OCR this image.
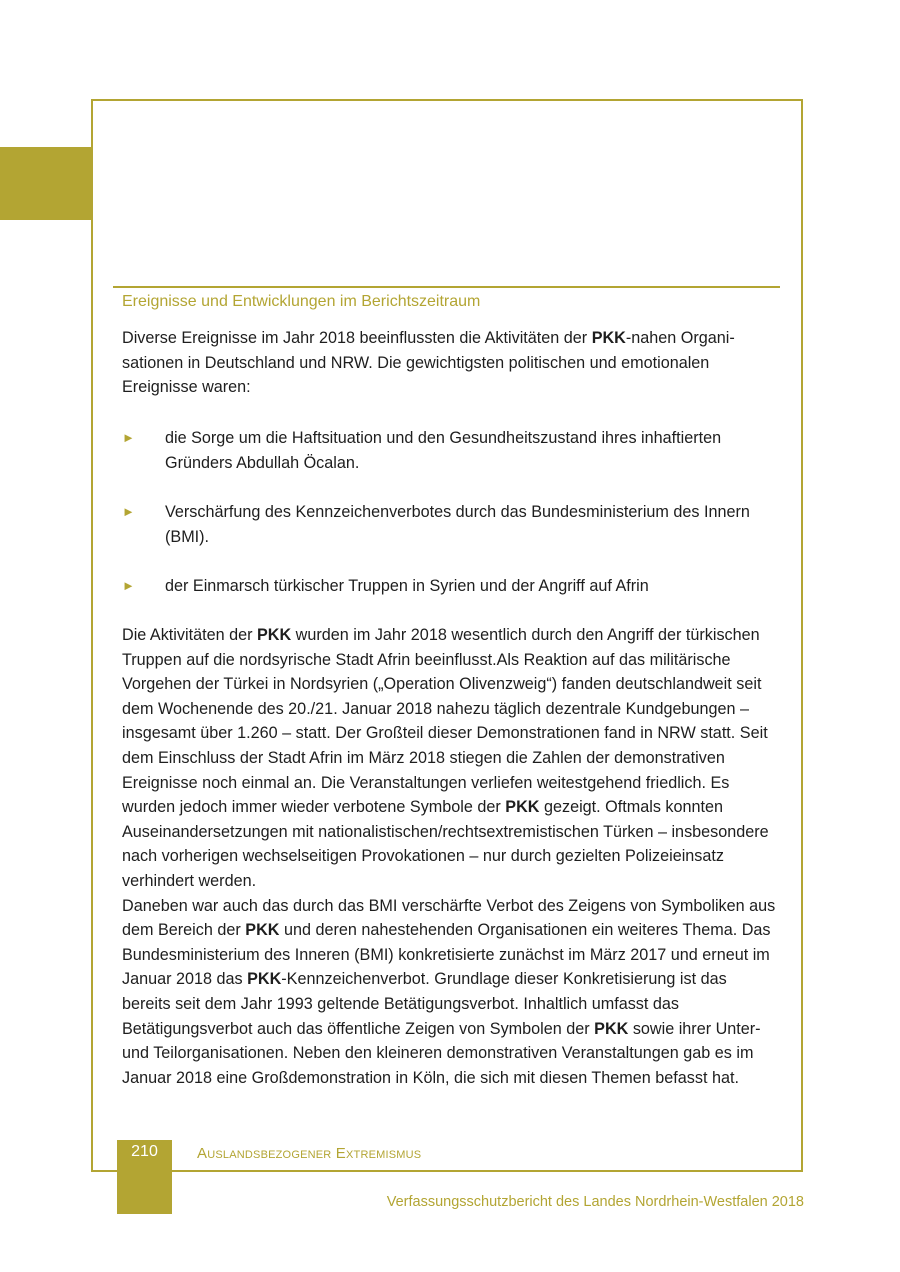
Ereignisse und Entwicklungen im Berichtszeitraum

Diverse Ereignisse im Jahr 2018 beeinflussten die Aktivitäten der PKK-nahen Organi-sationen in Deutschland und NRW. Die gewichtigsten politischen und emotionalen Ereignisse waren:

► die Sorge um die Haftsituation und den Gesundheitszustand ihres inhaftierten Gründers Abdullah Öcalan.
► Verschärfung des Kennzeichenverbotes durch das Bundesministerium des Innern (BMI).
► der Einmarsch türkischer Truppen in Syrien und der Angriff auf Afrin

Die Aktivitäten der PKK wurden im Jahr 2018 wesentlich durch den Angriff der türkischen Truppen auf die nordsyrische Stadt Afrin beeinflusst.Als Reaktion auf das militärische Vorgehen der Türkei in Nordsyrien („Operation Olivenzweig“) fanden deutschlandweit seit dem Wochenende des 20./21. Januar 2018 nahezu täglich dezentrale Kundgebungen – insgesamt über 1.260 – statt. Der Großteil dieser Demonstrationen fand in NRW statt. Seit dem Einschluss der Stadt Afrin im März 2018 stiegen die Zahlen der demonstrativen Ereignisse noch einmal an. Die Veranstaltungen verliefen weitestgehend friedlich. Es wurden jedoch immer wieder verbotene Symbole der PKK gezeigt. Oftmals konnten Auseinandersetzungen mit nationalistischen/rechtsextremistischen Türken – insbesondere nach vorherigen wechselseitigen Provokationen – nur durch gezielten Polizeieinsatz verhindert werden.

Daneben war auch das durch das BMI verschärfte Verbot des Zeigens von Symboliken aus dem Bereich der PKK und deren nahestehenden Organisationen ein weiteres Thema. Das Bundesministerium des Inneren (BMI) konkretisierte zunächst im März 2017 und erneut im Januar 2018 das PKK-Kennzeichenverbot. Grundlage dieser Konkretisierung ist das bereits seit dem Jahr 1993 geltende Betätigungsverbot. Inhaltlich umfasst das Betätigungsverbot auch das öffentliche Zeigen von Symbolen der PKK sowie ihrer Unter- und Teilorganisationen. Neben den kleineren demonstrativen Veranstaltungen gab es im Januar 2018 eine Großdemonstration in Köln, die sich mit diesen Themen befasst hat.

210	Auslandsbezogener Extremismus
Verfassungsschutzbericht des Landes Nordrhein-Westfalen 2018
